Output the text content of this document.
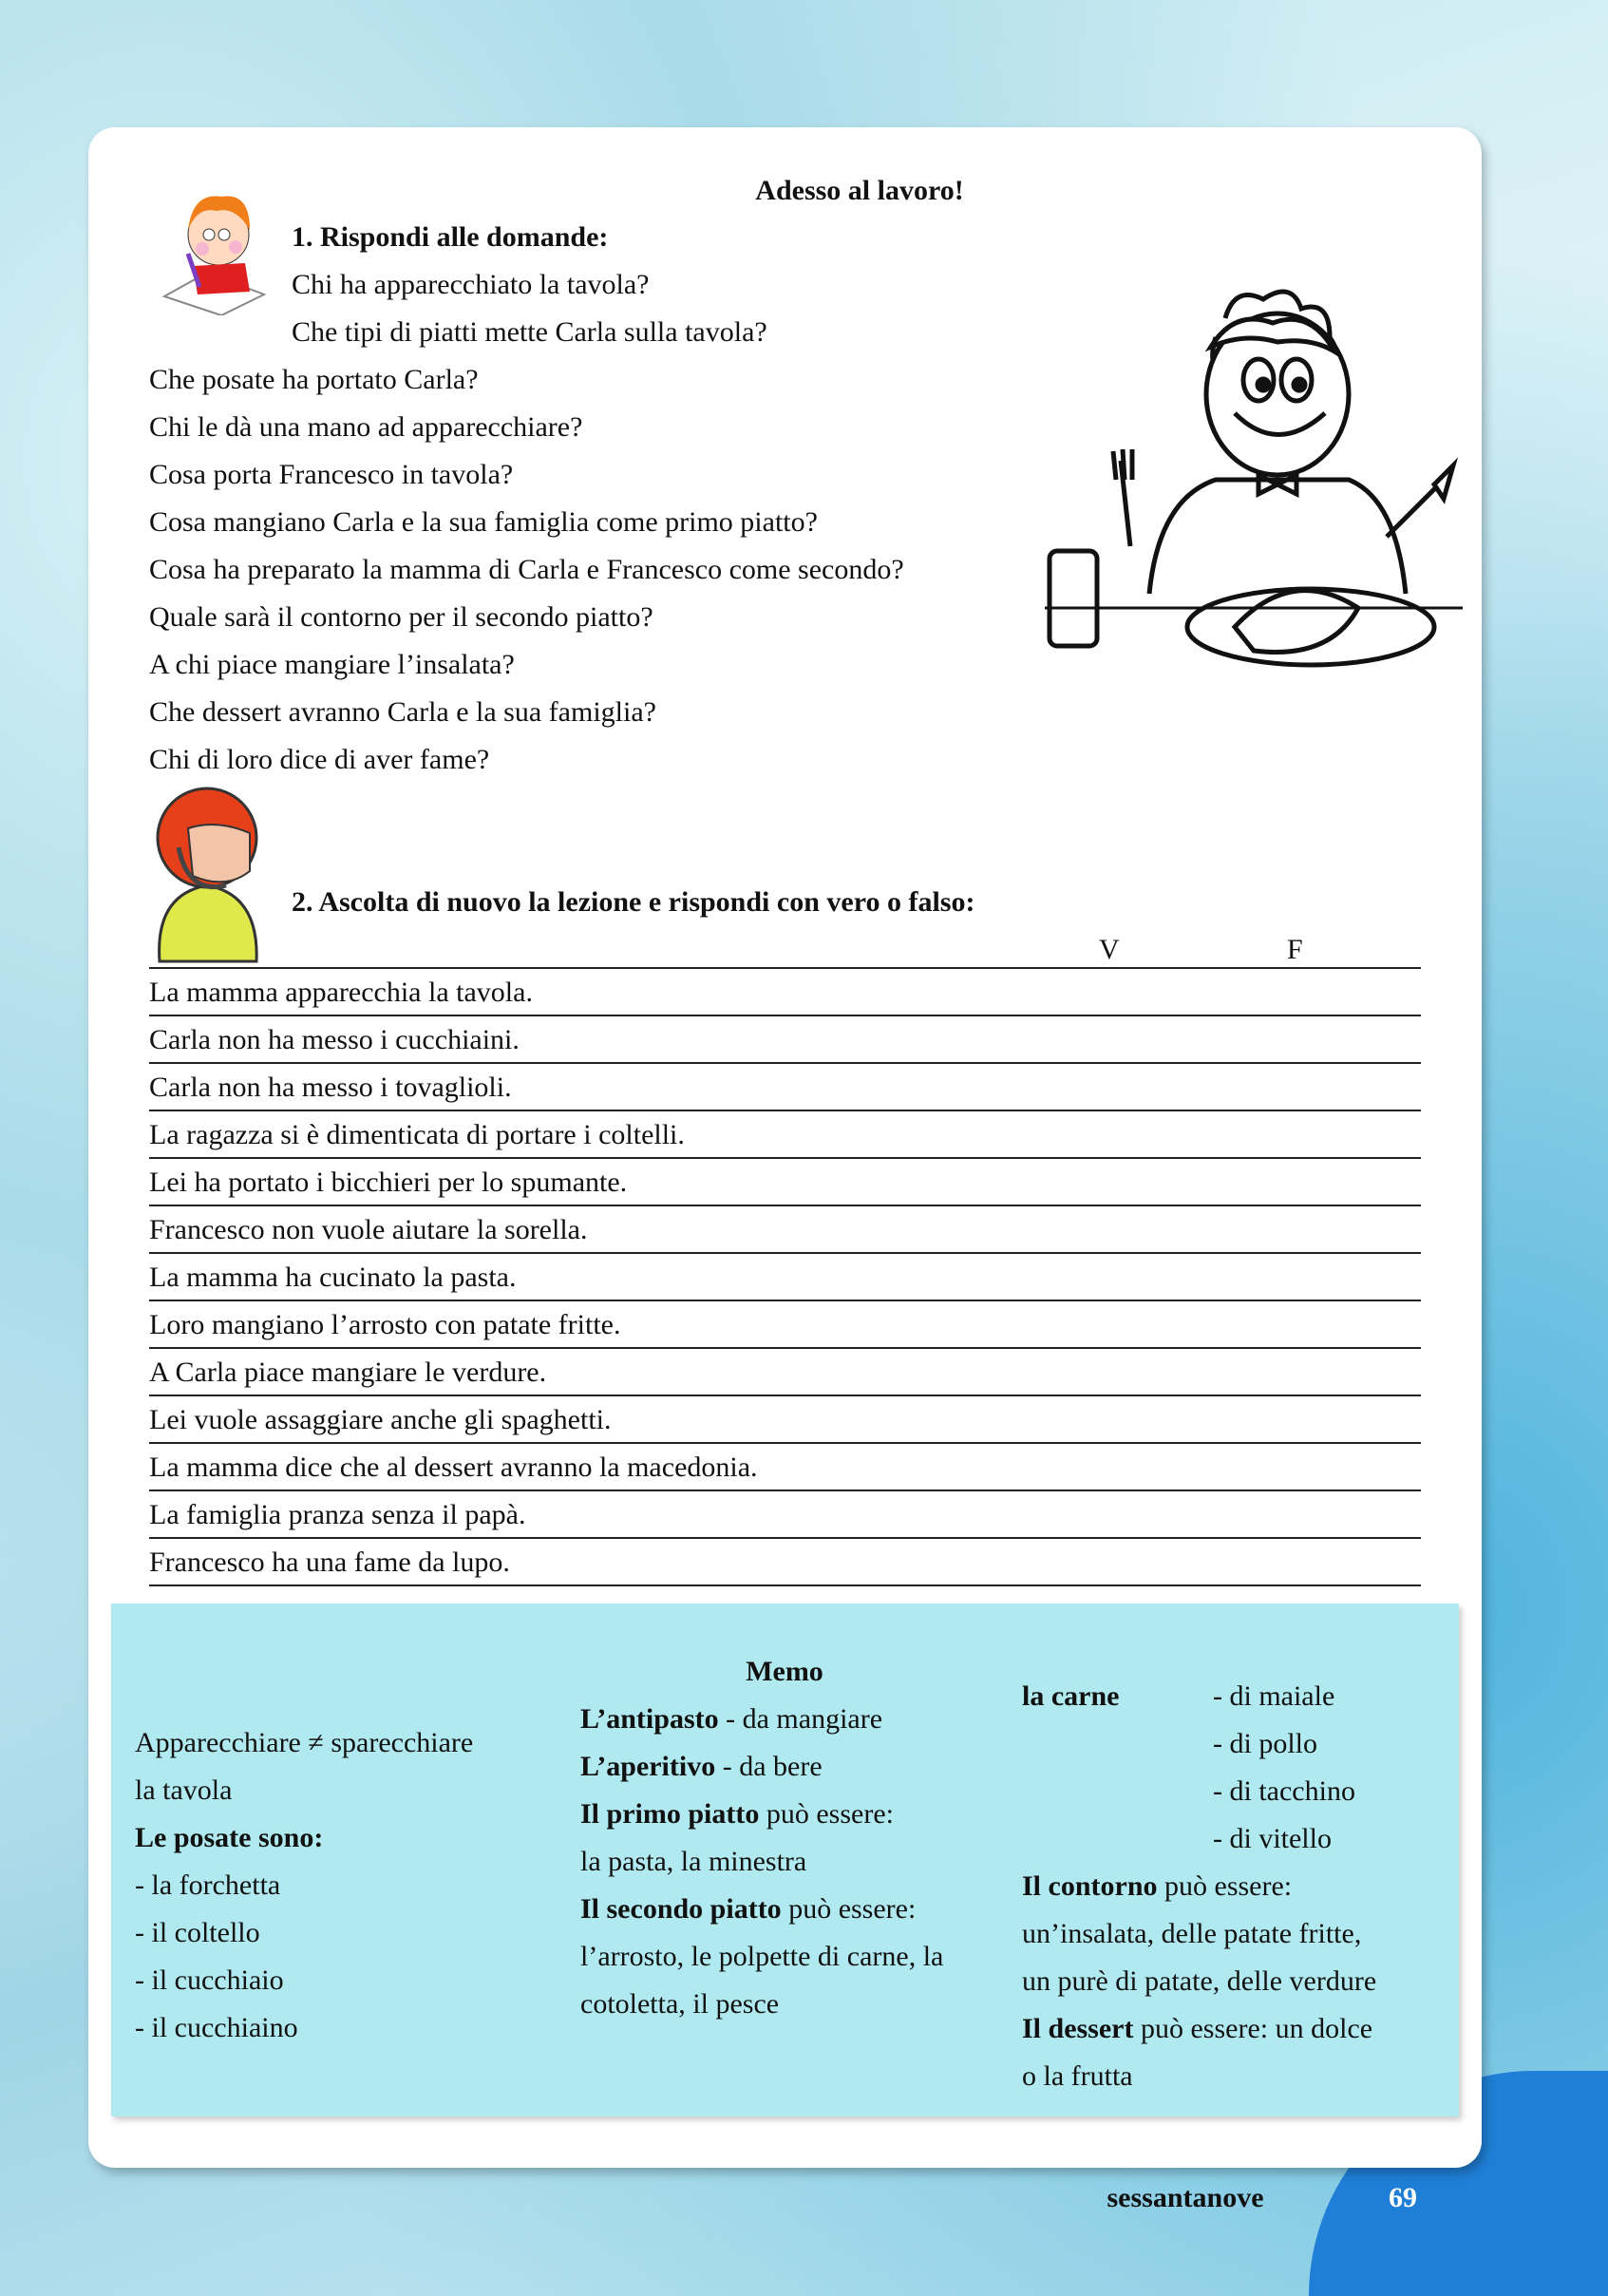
Adesso al lavoro!
1. Rispondi alle domande:
Chi ha apparecchiato la tavola?
Che tipi di piatti mette Carla sulla tavola?
Che posate ha portato Carla?
Chi le dà una mano ad apparecchiare?
Cosa porta Francesco in tavola?
Cosa mangiano Carla e la sua famiglia come primo piatto?
Cosa ha preparato la mamma di Carla e Francesco come secondo?
Quale sarà il contorno per il secondo piatto?
A chi piace mangiare l’insalata?
Che dessert avranno Carla e la sua famiglia?
Chi di loro dice di aver fame?
2. Ascolta di nuovo la lezione e rispondi con vero o falso:
V	F
La mamma apparecchia la tavola.
Carla non ha messo i cucchiaini.
Carla non ha messo i tovaglioli.
La ragazza si è dimenticata di portare i coltelli.
Lei ha portato i bicchieri per lo spumante.
Francesco non vuole aiutare la sorella.
La mamma ha cucinato la pasta.
Loro mangiano l’arrosto con patate fritte.
A Carla piace mangiare le verdure.
Lei vuole assaggiare anche gli spaghetti.
La mamma dice che al dessert avranno la macedonia.
La famiglia pranza senza il papà.
Francesco ha una fame da lupo.
Memo
Apparecchiare ≠ sparecchiare
la tavola
Le posate sono:
- la forchetta
- il coltello
- il cucchiaio
- il cucchiaino
L’antipasto - da mangiare
L’aperitivo - da bere
Il primo piatto può essere:
la pasta, la minestra
Il secondo piatto può essere:
l’arrosto, le polpette di carne, la
cotoletta, il pesce
la carne	- di maiale
- di pollo
- di tacchino
- di vitello
Il contorno può essere:
un’insalata, delle patate fritte,
un purè di patate, delle verdure
Il dessert può essere: un dolce
o la frutta
sessantanove	69
